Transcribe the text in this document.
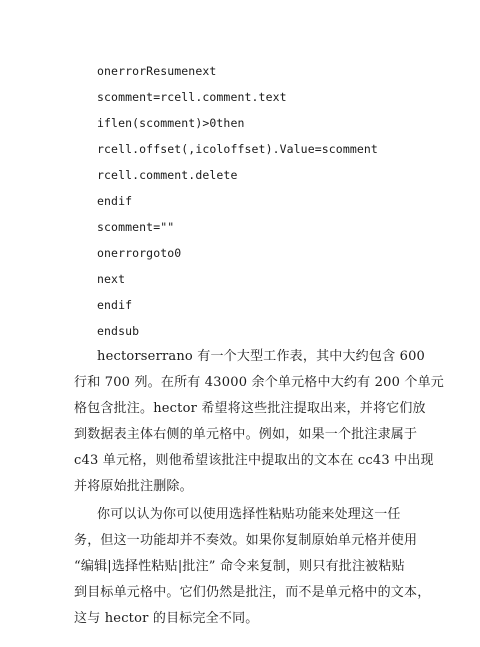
onerrorResumenext
scomment=rcell.comment.text
iflen(scomment)>0then
rcell.offset(,icoloffset).Value=scomment
rcell.comment.delete
endif
scomment=""
onerrorgoto0
next
endif
endsub
hectorserrano 有一个大型工作表，其中大约包含 600
行和 700 列。在所有 43000 余个单元格中大约有 200 个单元
格包含批注。hector 希望将这些批注提取出来，并将它们放
到数据表主体右侧的单元格中。例如，如果一个批注隶属于
c43 单元格，则他希望该批注中提取出的文本在 cc43 中出现
并将原始批注删除。
你可以认为你可以使用选择性粘贴功能来处理这一任
务，但这一功能却并不奏效。如果你复制原始单元格并使用
“编辑|选择性粘贴|批注” 命令来复制，则只有批注被粘贴
到目标单元格中。它们仍然是批注，而不是单元格中的文本，
这与 hector 的目标完全不同。
